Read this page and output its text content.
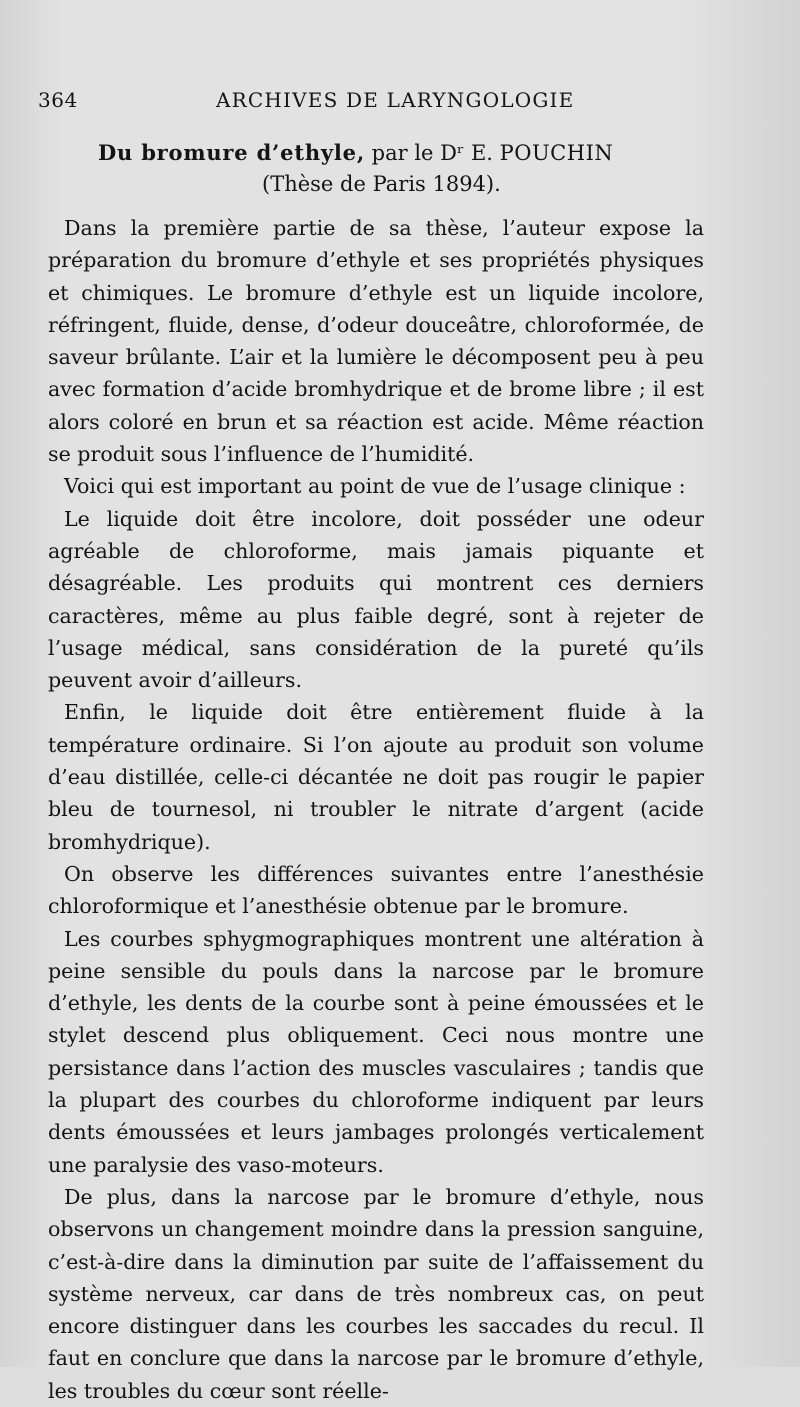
364	ARCHIVES DE LARYNGOLOGIE
Du bromure d’ethyle, par le Dʳ E. POUCHIN
(Thèse de Paris 1894).

Dans la première partie de sa thèse, l’auteur expose la préparation du bromure d’ethyle et ses propriétés physiques et chimiques. Le bromure d’ethyle est un liquide incolore, réfringent, fluide, dense, d’odeur douceâtre, chloroformée, de saveur brûlante. L’air et la lumière le décomposent peu à peu avec formation d’acide bromhydrique et de brome libre ; il est alors coloré en brun et sa réaction est acide. Même réaction se produit sous l’influence de l’humidité.

Voici qui est important au point de vue de l’usage clinique :

Le liquide doit être incolore, doit posséder une odeur agréable de chloroforme, mais jamais piquante et désagréable. Les produits qui montrent ces derniers caractères, même au plus faible degré, sont à rejeter de l’usage médical, sans considération de la pureté qu’ils peuvent avoir d’ailleurs.

Enfin, le liquide doit être entièrement fluide à la température ordinaire. Si l’on ajoute au produit son volume d’eau distillée, celle-ci décantée ne doit pas rougir le papier bleu de tournesol, ni troubler le nitrate d’argent (acide bromhydrique).

On observe les différences suivantes entre l’anesthésie chloroformique et l’anesthésie obtenue par le bromure.

Les courbes sphygmographiques montrent une altération à peine sensible du pouls dans la narcose par le bromure d’ethyle, les dents de la courbe sont à peine émoussées et le stylet descend plus obliquement. Ceci nous montre une persistance dans l’action des muscles vasculaires ; tandis que la plupart des courbes du chloroforme indiquent par leurs dents émoussées et leurs jambages prolongés verticalement une paralysie des vaso-moteurs.

De plus, dans la narcose par le bromure d’ethyle, nous observons un changement moindre dans la pression sanguine, c’est-à-dire dans la diminution par suite de l’affaissement du système nerveux, car dans de très nombreux cas, on peut encore distinguer dans les courbes les saccades du recul. Il faut en conclure que dans la narcose par le bromure d’ethyle, les troubles du cœur sont réelle-
